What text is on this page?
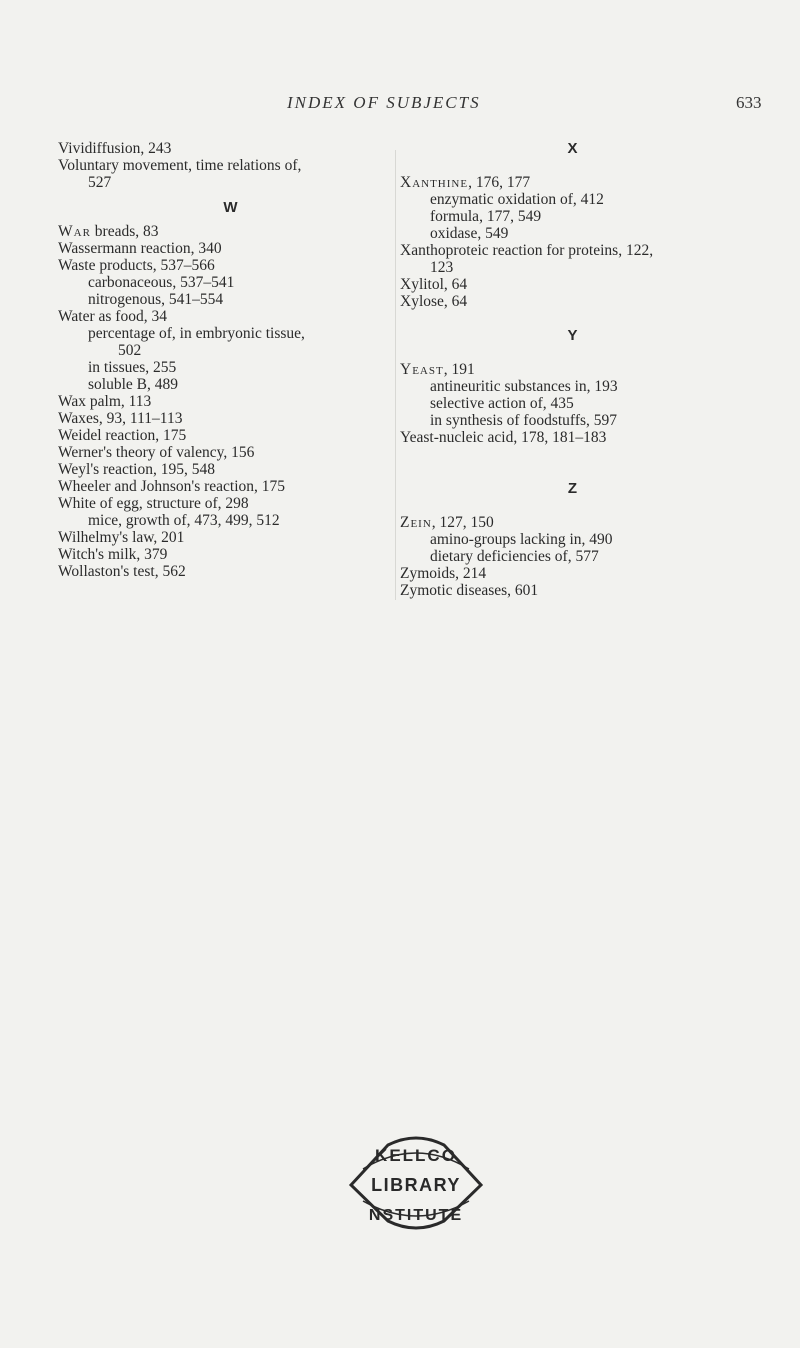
INDEX OF SUBJECTS	633
Vividiffusion, 243
Voluntary movement, time relations of,
527
W
War breads, 83
Wassermann reaction, 340
Waste products, 537–566
carbonaceous, 537–541
nitrogenous, 541–554
Water as food, 34
percentage of, in embryonic tissue,
502
in tissues, 255
soluble B, 489
Wax palm, 113
Waxes, 93, 111–113
Weidel reaction, 175
Werner's theory of valency, 156
Weyl's reaction, 195, 548
Wheeler and Johnson's reaction, 175
White of egg, structure of, 298
mice, growth of, 473, 499, 512
Wilhelmy's law, 201
Witch's milk, 379
Wollaston's test, 562
X
Xanthine, 176, 177
enzymatic oxidation of, 412
formula, 177, 549
oxidase, 549
Xanthoproteic reaction for proteins, 122,
123
Xylitol, 64
Xylose, 64
Y
Yeast, 191
antineuritic substances in, 193
selective action of, 435
in synthesis of foodstuffs, 597
Yeast-nucleic acid, 178, 181–183
Z
Zein, 127, 150
amino-groups lacking in, 490
dietary deficiencies of, 577
Zymoids, 214
Zymotic diseases, 601
KELLCO
LIBRARY
NSTITUTE
